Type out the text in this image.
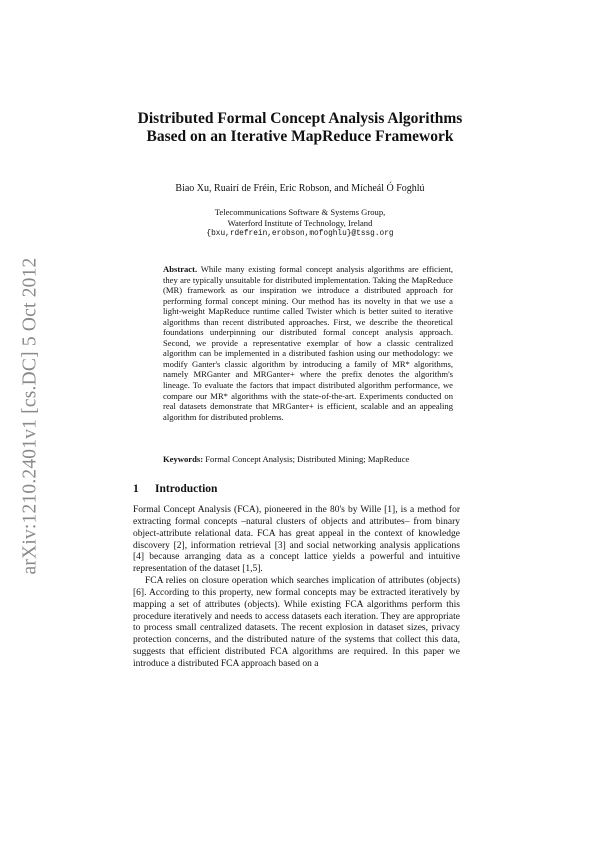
arXiv:1210.2401v1 [cs.DC] 5 Oct 2012
Distributed Formal Concept Analysis Algorithms Based on an Iterative MapReduce Framework
Biao Xu, Ruairí de Fréin, Eric Robson, and Mícheál Ó Foghlú
Telecommunications Software & Systems Group,
Waterford Institute of Technology, Ireland
{bxu,rdefrein,erobson,mofoghlu}@tssg.org
Abstract. While many existing formal concept analysis algorithms are efficient, they are typically unsuitable for distributed implementation. Taking the MapReduce (MR) framework as our inspiration we introduce a distributed approach for performing formal concept mining. Our method has its novelty in that we use a light-weight MapReduce runtime called Twister which is better suited to iterative algorithms than recent distributed approaches. First, we describe the theoretical foundations underpinning our distributed formal concept analysis approach. Second, we provide a representative exemplar of how a classic centralized algorithm can be implemented in a distributed fashion using our methodology: we modify Ganter's classic algorithm by introducing a family of MR* algorithms, namely MRGanter and MRGanter+ where the prefix denotes the algorithm's lineage. To evaluate the factors that impact distributed algorithm performance, we compare our MR* algorithms with the state-of-the-art. Experiments conducted on real datasets demonstrate that MRGanter+ is efficient, scalable and an appealing algorithm for distributed problems.
Keywords: Formal Concept Analysis; Distributed Mining; MapReduce
1 Introduction

Formal Concept Analysis (FCA), pioneered in the 80's by Wille [1], is a method for extracting formal concepts –natural clusters of objects and attributes– from binary object-attribute relational data. FCA has great appeal in the context of knowledge discovery [2], information retrieval [3] and social networking analysis applications [4] because arranging data as a concept lattice yields a powerful and intuitive representation of the dataset [1,5].

FCA relies on closure operation which searches implication of attributes (objects) [6]. According to this property, new formal concepts may be extracted iteratively by mapping a set of attributes (objects). While existing FCA algorithms perform this procedure iteratively and needs to access datasets each iteration. They are appropriate to process small centralized datasets. The recent explosion in dataset sizes, privacy protection concerns, and the distributed nature of the systems that collect this data, suggests that efficient distributed FCA algorithms are required. In this paper we introduce a distributed FCA approach based on a
